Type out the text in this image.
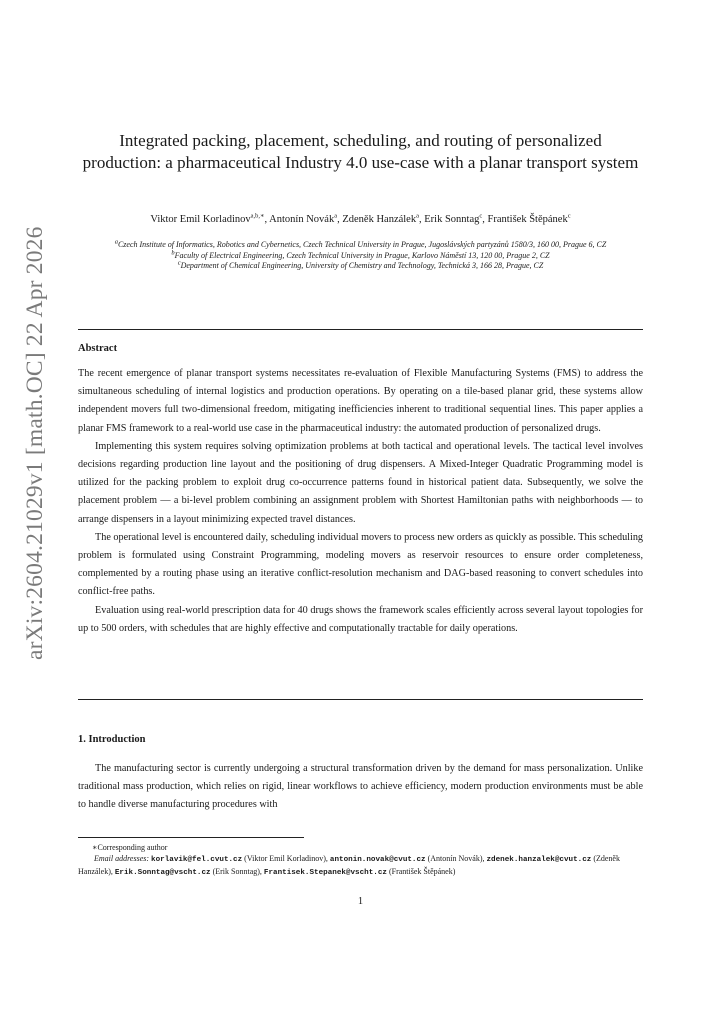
arXiv:2604.21029v1 [math.OC] 22 Apr 2026
Integrated packing, placement, scheduling, and routing of personalized production: a pharmaceutical Industry 4.0 use-case with a planar transport system
Viktor Emil Korladinov$^{a,b,∗}$, Antonín Novák$^a$, Zdeněk Hanzálek$^a$, Erik Sonntag$^c$, František Štěpánek$^c$
$^a$Czech Institute of Informatics, Robotics and Cybernetics, Czech Technical University in Prague, Jugoslávských partyzánů 1580/3, 160 00, Prague 6, CZ
$^b$Faculty of Electrical Engineering, Czech Technical University in Prague, Karlovo Náměstí 13, 120 00, Prague 2, CZ
$^c$Department of Chemical Engineering, University of Chemistry and Technology, Technická 3, 166 28, Prague, CZ
Abstract

The recent emergence of planar transport systems necessitates re-evaluation of Flexible Manufacturing Systems (FMS) to address the simultaneous scheduling of internal logistics and production operations. By operating on a tile-based planar grid, these systems allow independent movers full two-dimensional freedom, mitigating inefficiencies inherent to traditional sequential lines. This paper applies a planar FMS framework to a real-world use case in the pharmaceutical industry: the automated production of personalized drugs.

Implementing this system requires solving optimization problems at both tactical and operational levels. The tactical level involves decisions regarding production line layout and the positioning of drug dispensers. A Mixed-Integer Quadratic Programming model is utilized for the packing problem to exploit drug co-occurrence patterns found in historical patient data. Subsequently, we solve the placement problem — a bi-level problem combining an assignment problem with Shortest Hamiltonian paths with neighborhoods — to arrange dispensers in a layout minimizing expected travel distances.

The operational level is encountered daily, scheduling individual movers to process new orders as quickly as possible. This scheduling problem is formulated using Constraint Programming, modeling movers as reservoir resources to ensure order completeness, complemented by a routing phase using an iterative conflict-resolution mechanism and DAG-based reasoning to convert schedules into conflict-free paths.

Evaluation using real-world prescription data for 40 drugs shows the framework scales efficiently across several layout topologies for up to 500 orders, with schedules that are highly effective and computationally tractable for daily operations.

1. Introduction

The manufacturing sector is currently undergoing a structural transformation driven by the demand for mass personalization. Unlike traditional mass production, which relies on rigid, linear workflows to achieve efficiency, modern production environments must be able to handle diverse manufacturing procedures with

∗Corresponding author
Email addresses: korlavik@fel.cvut.cz (Viktor Emil Korladinov), antonin.novak@cvut.cz (Antonín Novák), zdenek.hanzalek@cvut.cz (Zdeněk Hanzálek), Erik.Sonntag@vscht.cz (Erik Sonntag), Frantisek.Stepanek@vscht.cz (František Štěpánek)
1
